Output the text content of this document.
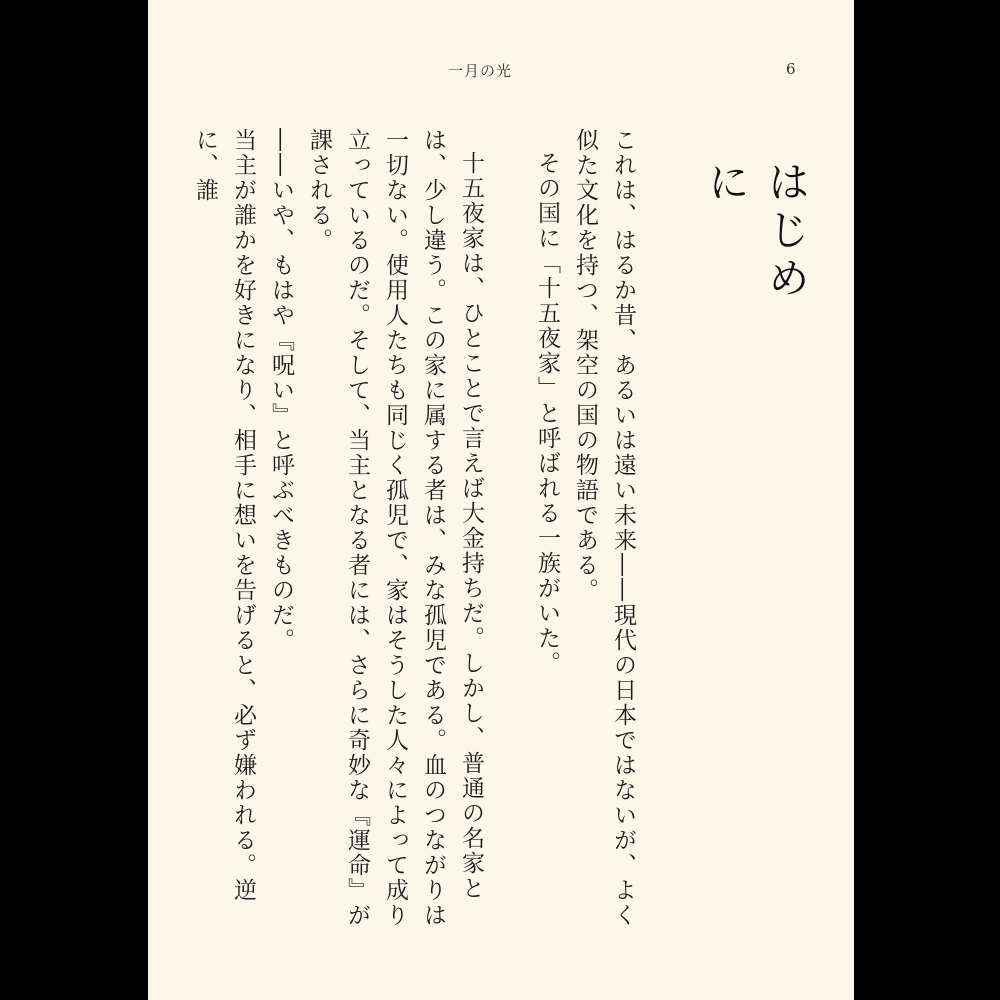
一月の光	6
はじめに

これは、はるか昔、あるいは遠い未来――現代の日本ではないが、よく似た文化を持つ、架空の国の物語である。

その国に「十五夜家」と呼ばれる一族がいた。

十五夜家は、ひとことで言えば大金持ちだ。しかし、普通の名家とは、少し違う。この家に属する者は、みな孤児である。血のつながりは一切ない。使用人たちも同じく孤児で、家はそうした人々によって成り立っているのだ。そして、当主となる者には、さらに奇妙な『運命』が課される。

――いや、もはや『呪い』と呼ぶべきものだ。

当主が誰かを好きになり、相手に想いを告げると、必ず嫌われる。逆に、誰
